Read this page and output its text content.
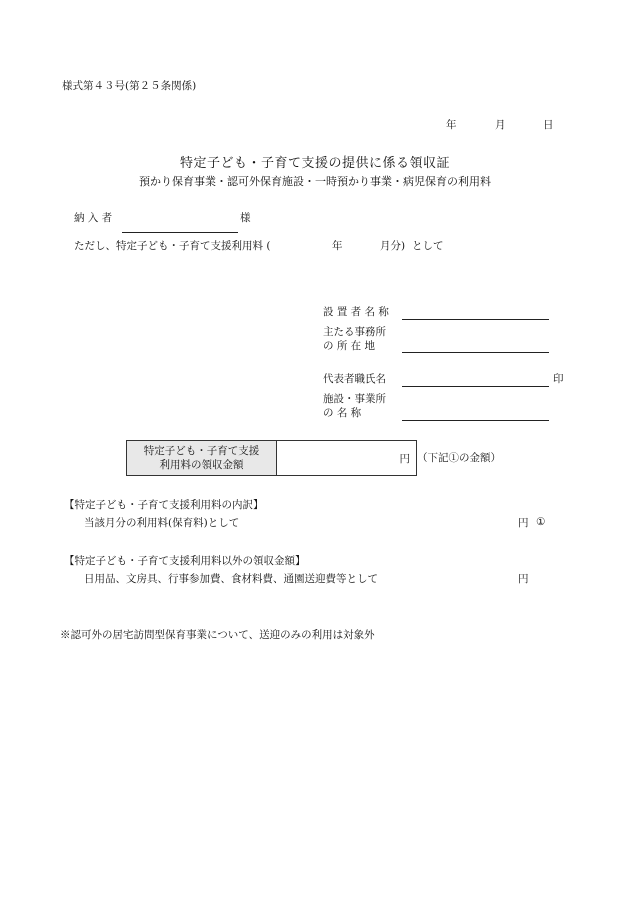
様式第４３号(第２５条関係)
年	月	日
特定子ども・子育て支援の提供に係る領収証
預かり保育事業・認可外保育施設・一時預かり事業・病児保育の利用料
納 入 者	様
ただし、特定子ども・子育て支援利用料 (	年	月分) として
設 置 者 名 称
主たる事務所
の 所 在 地
代表者職氏名	印
施設・事業所
の 名 称
特定子ども・子育て支援
利用料の領収金額
円 （下記①の金額）
【特定子ども・子育て支援利用料の内訳】
当該月分の利用料(保育料)として	円 ①
【特定子ども・子育て支援利用料以外の領収金額】
日用品、文房具、行事参加費、食材料費、通園送迎費等として	円
※認可外の居宅訪問型保育事業について、送迎のみの利用は対象外
